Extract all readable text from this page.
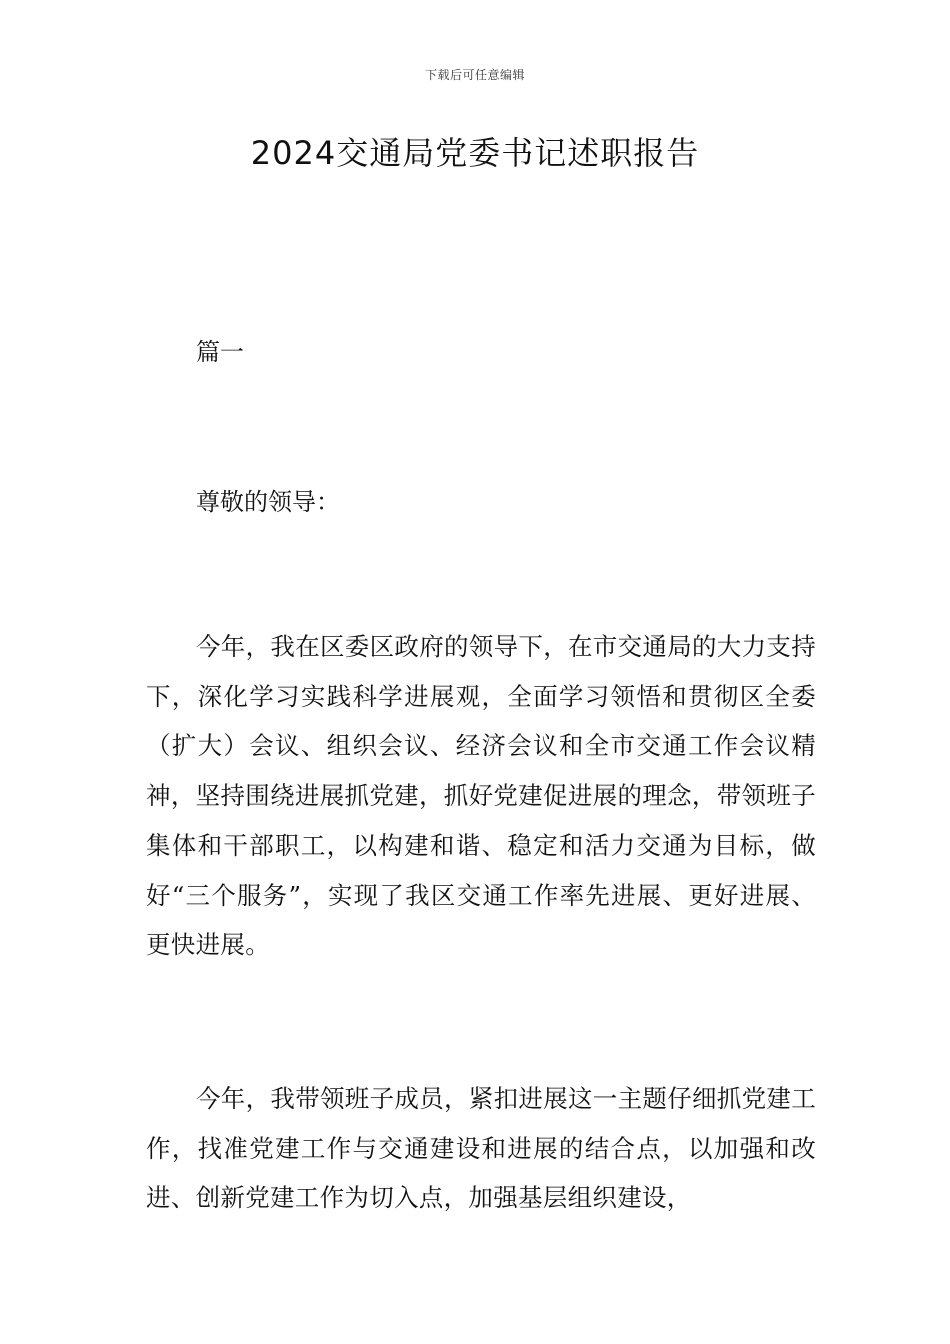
下载后可任意编辑
2024交通局党委书记述职报告
篇一
尊敬的领导：

今年，我在区委区政府的领导下，在市交通局的大力支持下，深化学习实践科学进展观，全面学习领悟和贯彻区全委（扩大）会议、组织会议、经济会议和全市交通工作会议精神，坚持围绕进展抓党建，抓好党建促进展的理念，带领班子集体和干部职工，以构建和谐、稳定和活力交通为目标，做好“三个服务”，实现了我区交通工作率先进展、更好进展、更快进展。

今年，我带领班子成员，紧扣进展这一主题仔细抓党建工作，找准党建工作与交通建设和进展的结合点，以加强和改进、创新党建工作为切入点，加强基层组织建设，
